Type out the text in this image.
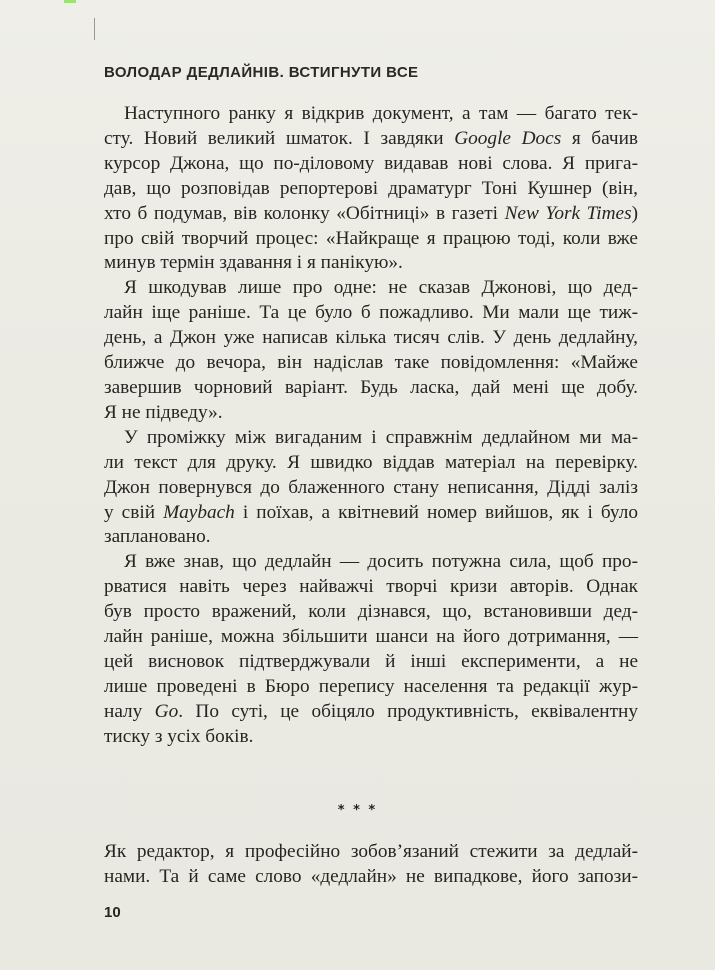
ВОЛОДАР ДЕДЛАЙНІВ. ВСТИГНУТИ ВСЕ

Наступного ранку я відкрив документ, а там — багато тек-
сту. Новий великий шматок. І завдяки Google Docs я бачив
курсор Джона, що по-діловому видавав нові слова. Я прига-
дав, що розповідав репортерові драматург Тоні Кушнер (він,
хто б подумав, вів колонку «Обітниці» в газеті New York Times)
про свій творчий процес: «Найкраще я працюю тоді, коли вже
минув термін здавання і я панікую».

Я шкодував лише про одне: не сказав Джонові, що дед-
лайн іще раніше. Та це було б пожадливо. Ми мали ще тиж-
день, а Джон уже написав кілька тисяч слів. У день дедлайну,
ближче до вечора, він надіслав таке повідомлення: «Майже
завершив чорновий варіант. Будь ласка, дай мені ще добу.
Я не підведу».

У проміжку між вигаданим і справжнім дедлайном ми ма-
ли текст для друку. Я швидко віддав матеріал на перевірку.
Джон повернувся до блаженного стану неписання, Дідді заліз
у свій Maybach і поїхав, а квітневий номер вийшов, як і було
заплановано.

Я вже знав, що дедлайн — досить потужна сила, щоб про-
рватися навіть через найважчі творчі кризи авторів. Однак
був просто вражений, коли дізнався, що, встановивши дед-
лайн раніше, можна збільшити шанси на його дотримання, —
цей висновок підтверджували й інші експерименти, а не
лише проведені в Бюро перепису населення та редакції жур-
налу Go. По суті, це обіцяло продуктивність, еквівалентну
тиску з усіх боків.

* * *

Як редактор, я професійно зобов’язаний стежити за дедлай-
нами. Та й саме слово «дедлайн» не випадкове, його запози-

10
